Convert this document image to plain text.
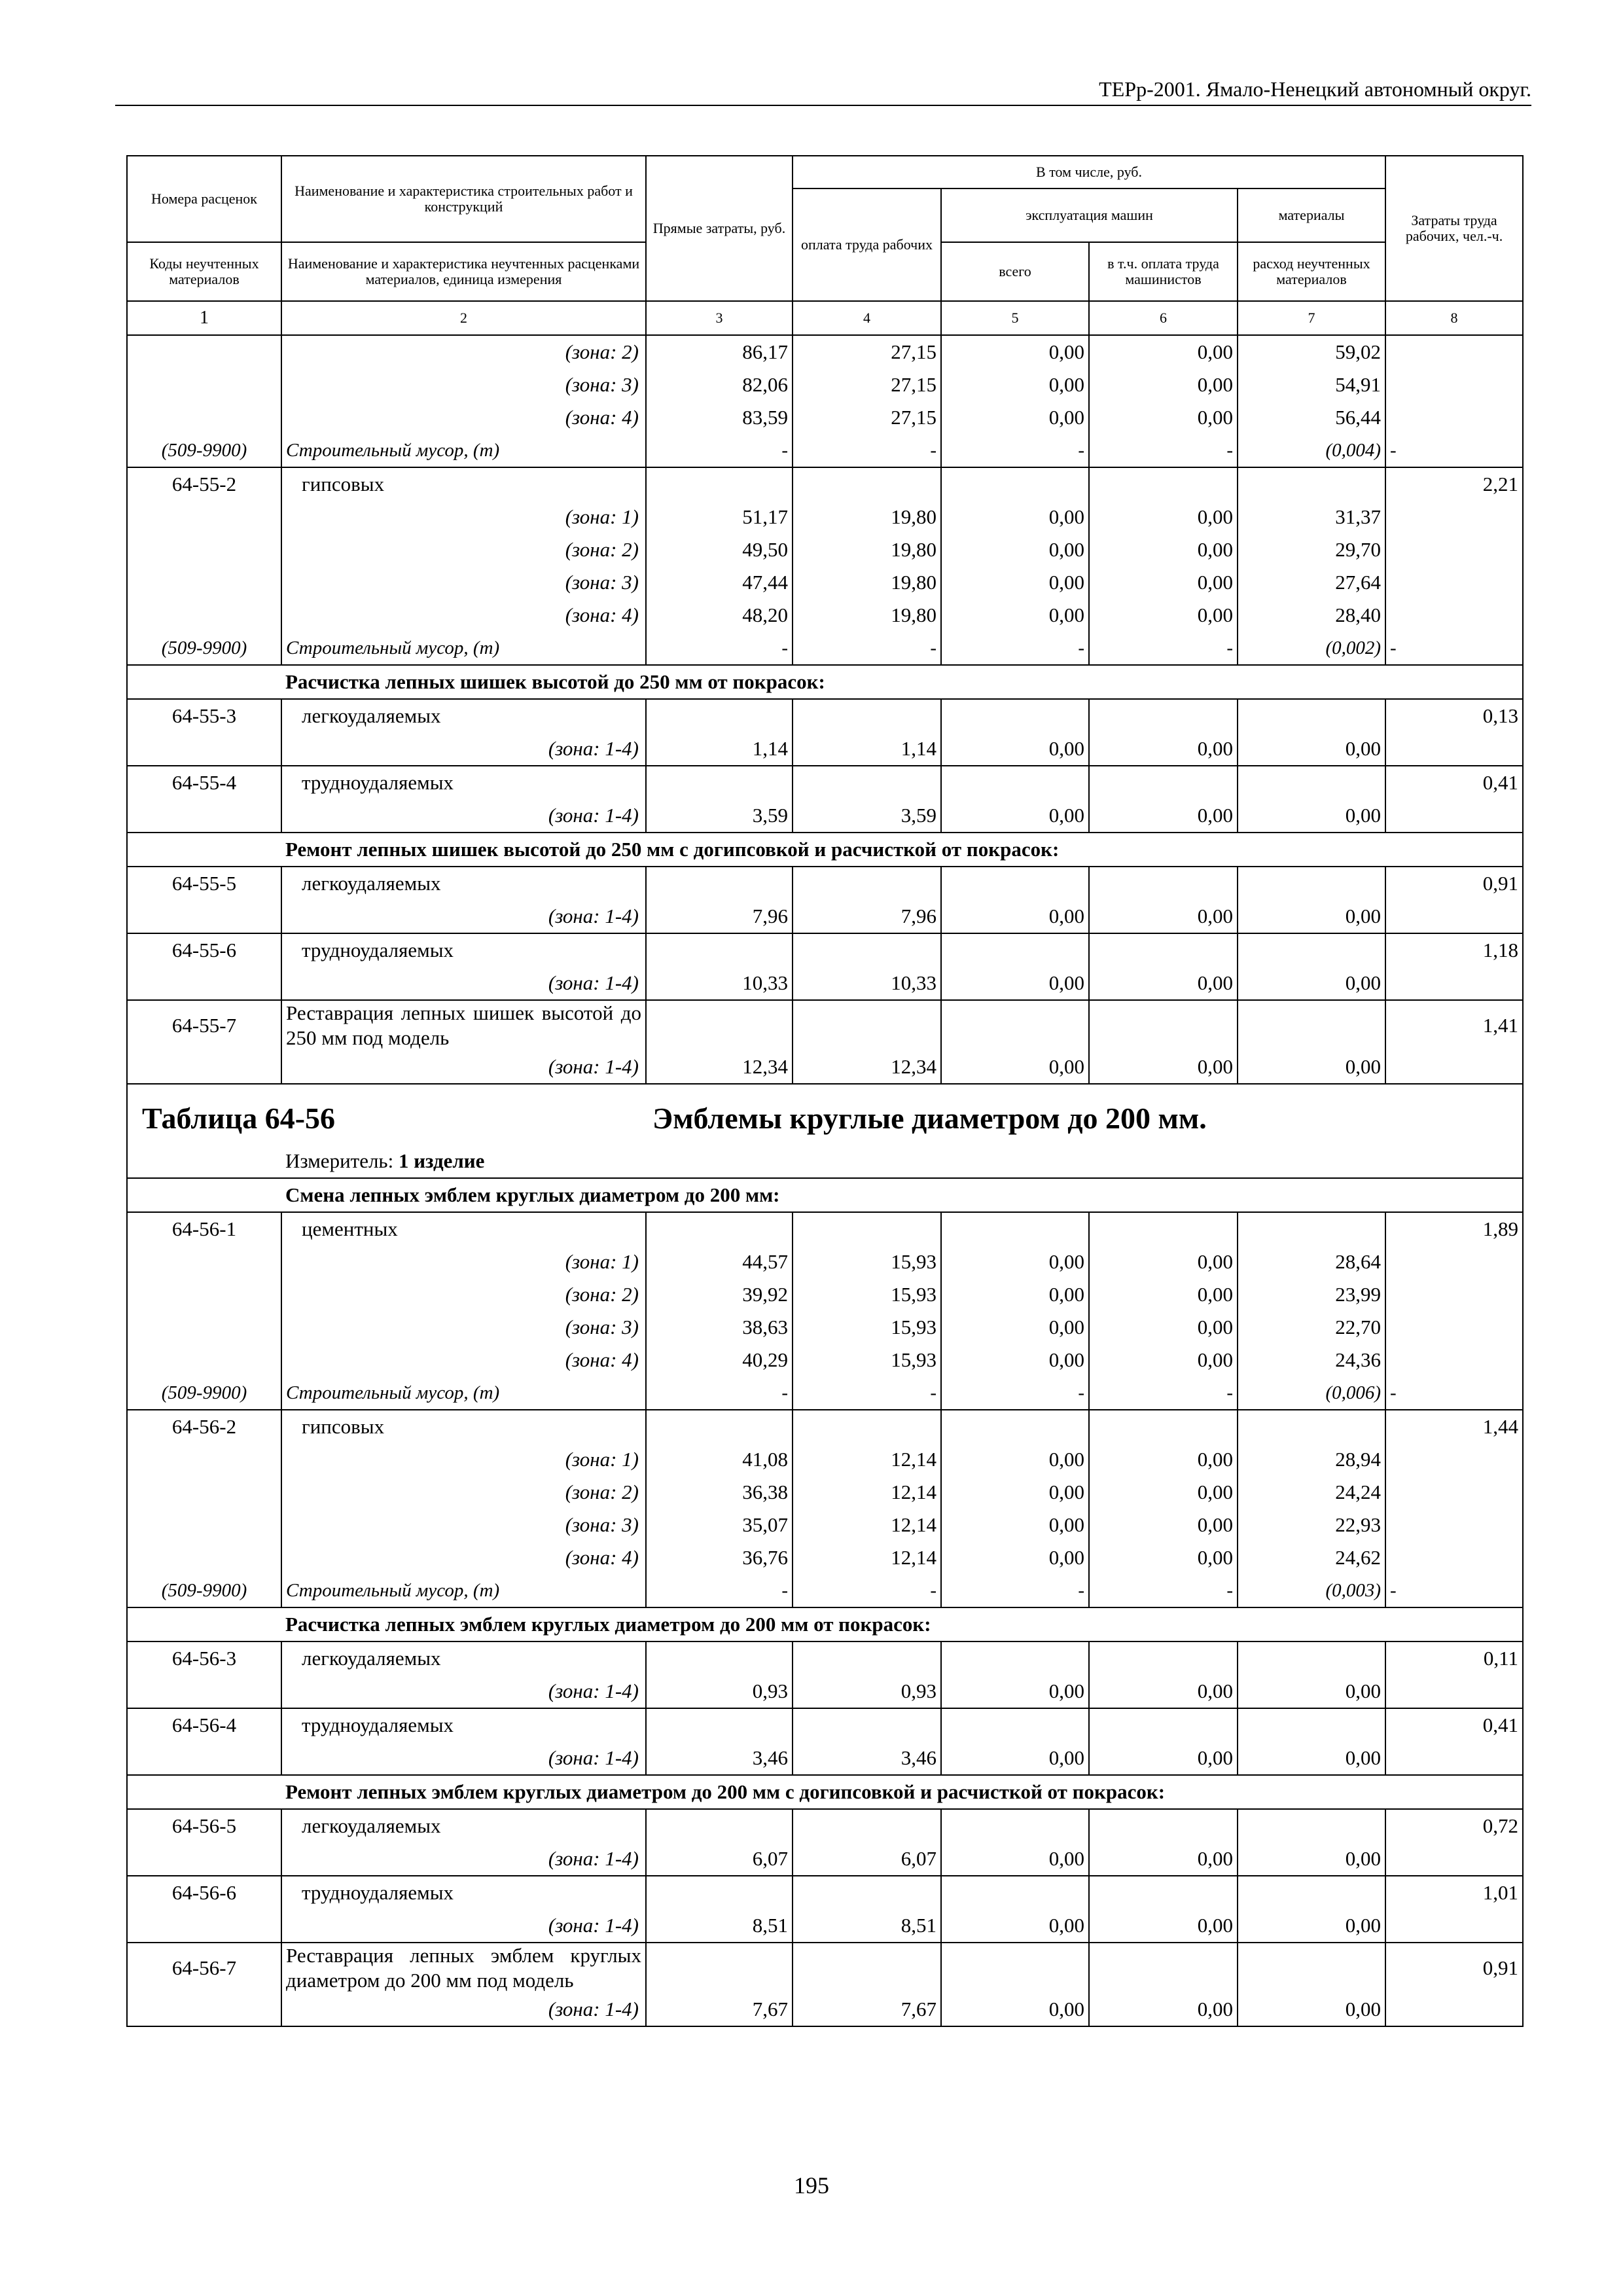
ТЕРр-2001. Ямало-Ненецкий автономный округ.
Номера расценок	Наименование и характеристика строительных работ и конструкций	Прямые затраты, руб.	В том числе, руб.				Затраты труда рабочих, чел.-ч.
			оплата труда рабочих	эксплуатация машин		материалы	
Коды неучтенных материалов	Наименование и характеристика неучтенных расценками материалов, единица измерения			всего	в т.ч. оплата труда машинистов	расход неучтенных материалов	
1	2	3	4	5	6	7	8
	(зона: 2)	86,17	27,15	0,00	0,00	59,02	
	(зона: 3)	82,06	27,15	0,00	0,00	54,91	
	(зона: 4)	83,59	27,15	0,00	0,00	56,44	
(509-9900)	Строительный мусор, (т)	-	-	-	-	(0,004)	-
64-55-2	гипсовых						2,21
	(зона: 1)	51,17	19,80	0,00	0,00	31,37	
	(зона: 2)	49,50	19,80	0,00	0,00	29,70	
	(зона: 3)	47,44	19,80	0,00	0,00	27,64	
	(зона: 4)	48,20	19,80	0,00	0,00	28,40	
(509-9900)	Строительный мусор, (т)	-	-	-	-	(0,002)	-
	Расчистка лепных шишек высотой до 250 мм от покрасок:						
64-55-3	легкоудаляемых						0,13
	(зона: 1-4)	1,14	1,14	0,00	0,00	0,00	
64-55-4	трудноудаляемых						0,41
	(зона: 1-4)	3,59	3,59	0,00	0,00	0,00	
	Ремонт лепных шишек высотой до 250 мм с догипсовкой и расчисткой от покрасок:						
64-55-5	легкоудаляемых						0,91
	(зона: 1-4)	7,96	7,96	0,00	0,00	0,00	
64-55-6	трудноудаляемых						1,18
	(зона: 1-4)	10,33	10,33	0,00	0,00	0,00	
64-55-7	Реставрация лепных шишек высотой до 250 мм под модель						1,41
	(зона: 1-4)	12,34	12,34	0,00	0,00	0,00	
Таблица 64-56 Эмблемы круглые диаметром до 200 мм.							

	Измеритель: 1 изделие						
	Смена лепных эмблем круглых диаметром до 200 мм:						
64-56-1	цементных						1,89
	(зона: 1)	44,57	15,93	0,00	0,00	28,64	
	(зона: 2)	39,92	15,93	0,00	0,00	23,99	
	(зона: 3)	38,63	15,93	0,00	0,00	22,70	
	(зона: 4)	40,29	15,93	0,00	0,00	24,36	
(509-9900)	Строительный мусор, (т)	-	-	-	-	(0,006)	-
64-56-2	гипсовых						1,44
	(зона: 1)	41,08	12,14	0,00	0,00	28,94	
	(зона: 2)	36,38	12,14	0,00	0,00	24,24	
	(зона: 3)	35,07	12,14	0,00	0,00	22,93	
	(зона: 4)	36,76	12,14	0,00	0,00	24,62	
(509-9900)	Строительный мусор, (т)	-	-	-	-	(0,003)	-
	Расчистка лепных эмблем круглых диаметром до 200 мм от покрасок:						
64-56-3	легкоудаляемых						0,11
	(зона: 1-4)	0,93	0,93	0,00	0,00	0,00	
64-56-4	трудноудаляемых						0,41
	(зона: 1-4)	3,46	3,46	0,00	0,00	0,00	
	Ремонт лепных эмблем круглых диаметром до 200 мм с догипсовкой и расчисткой от покрасок:						
64-56-5	легкоудаляемых						0,72
	(зона: 1-4)	6,07	6,07	0,00	0,00	0,00	
64-56-6	трудноудаляемых						1,01
	(зона: 1-4)	8,51	8,51	0,00	0,00	0,00	
64-56-7	Реставрация лепных эмблем круглых диаметром до 200 мм под модель						0,91
	(зона: 1-4)	7,67	7,67	0,00	0,00	0,00	
195
